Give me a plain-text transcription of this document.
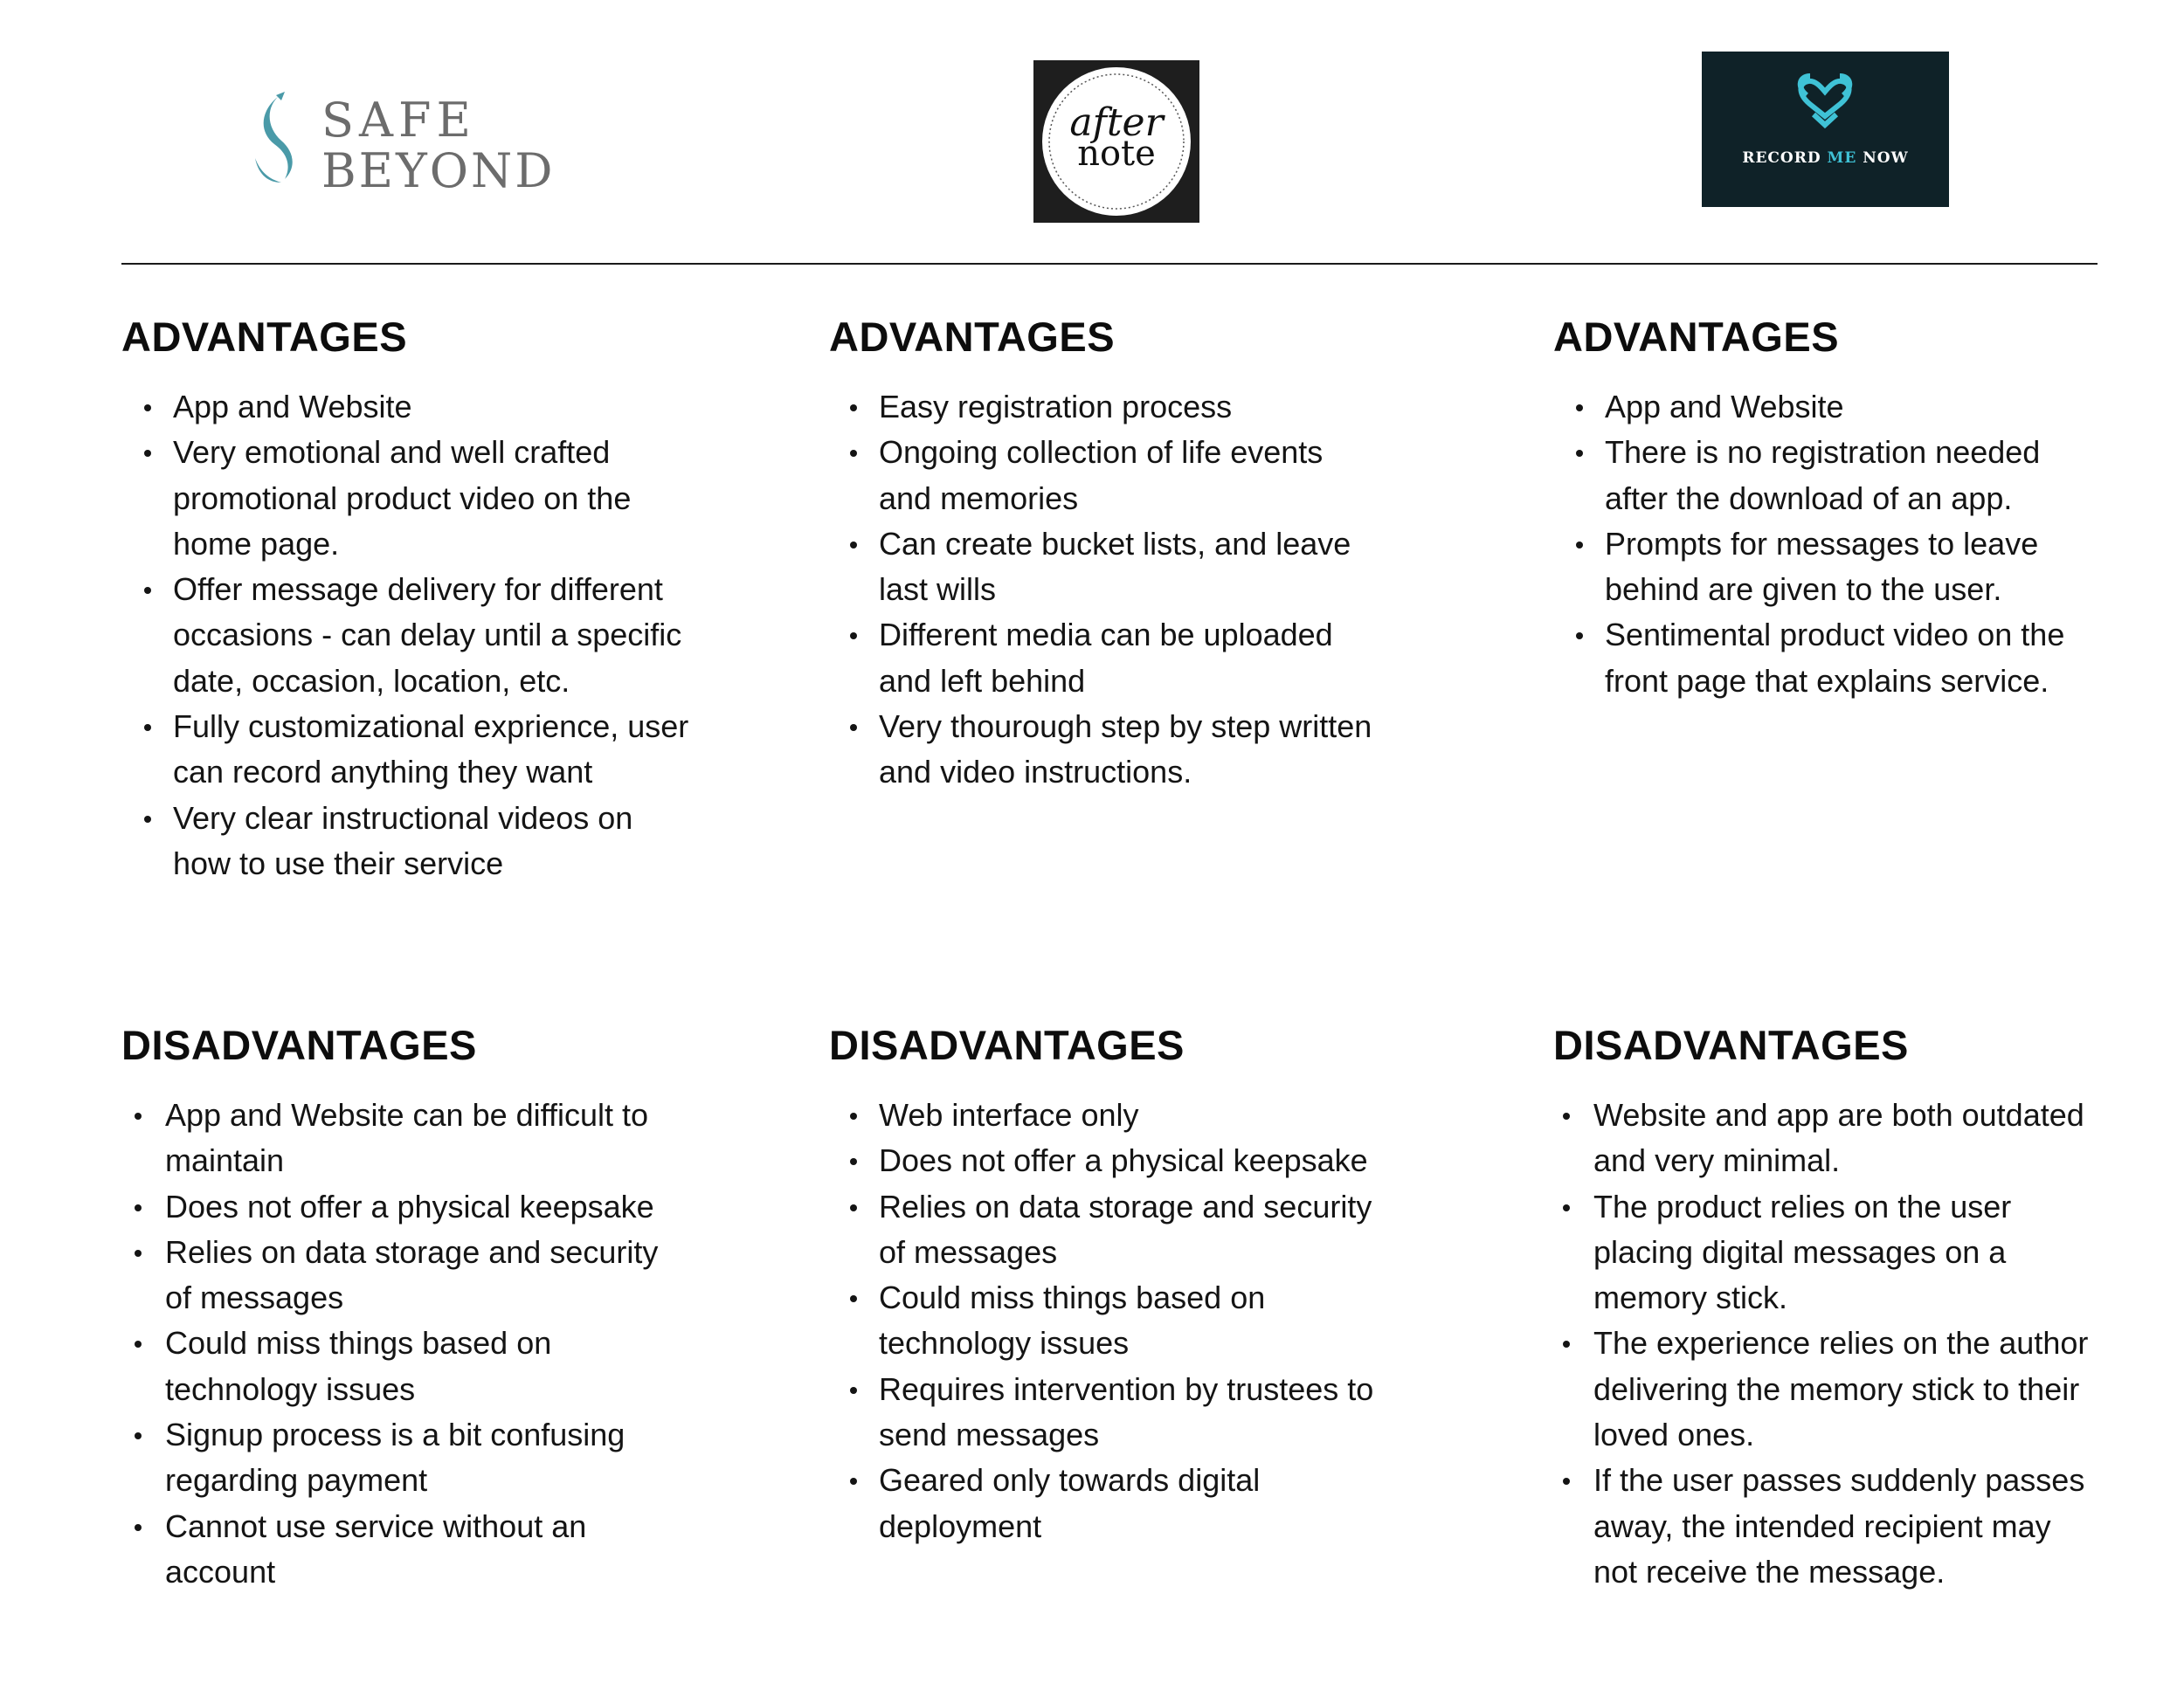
SAFE
BEYOND
after
note	RECORD ME NOW
ADVANTAGES
App and Website
Very emotional and well crafted promotional product video on the home page.
Offer message delivery for different occasions - can delay until a specific date, occasion, location, etc.
Fully customizational exprience, user can record anything they want
Very clear instructional videos on how to use their service
DISADVANTAGES
App and Website can be difficult to maintain
Does not offer a physical keepsake
Relies on data storage and security of messages
Could miss things based on technology issues
Signup process is a bit confusing regarding payment
Cannot use service without an account
ADVANTAGES
Easy registration process
Ongoing collection of life events and memories
Can create bucket lists, and leave last wills
Different media can be uploaded and left behind
Very thourough step by step written and video instructions.
DISADVANTAGES
Web interface only
Does not offer a physical keepsake
Relies on data storage and security of messages
Could miss things based on technology issues
Requires intervention by trustees to send messages
Geared only towards digital deployment
ADVANTAGES
App and Website
There is no registration needed after the download of an app.
Prompts for messages to leave behind are given to the user.
Sentimental product video on the front page that explains service.
DISADVANTAGES
Website and app are both outdated and very minimal.
The product relies on the user placing digital messages on a memory stick.
The experience relies on the author delivering the memory stick to their loved ones.
If the user passes suddenly passes away, the intended recipient may not receive the message.
